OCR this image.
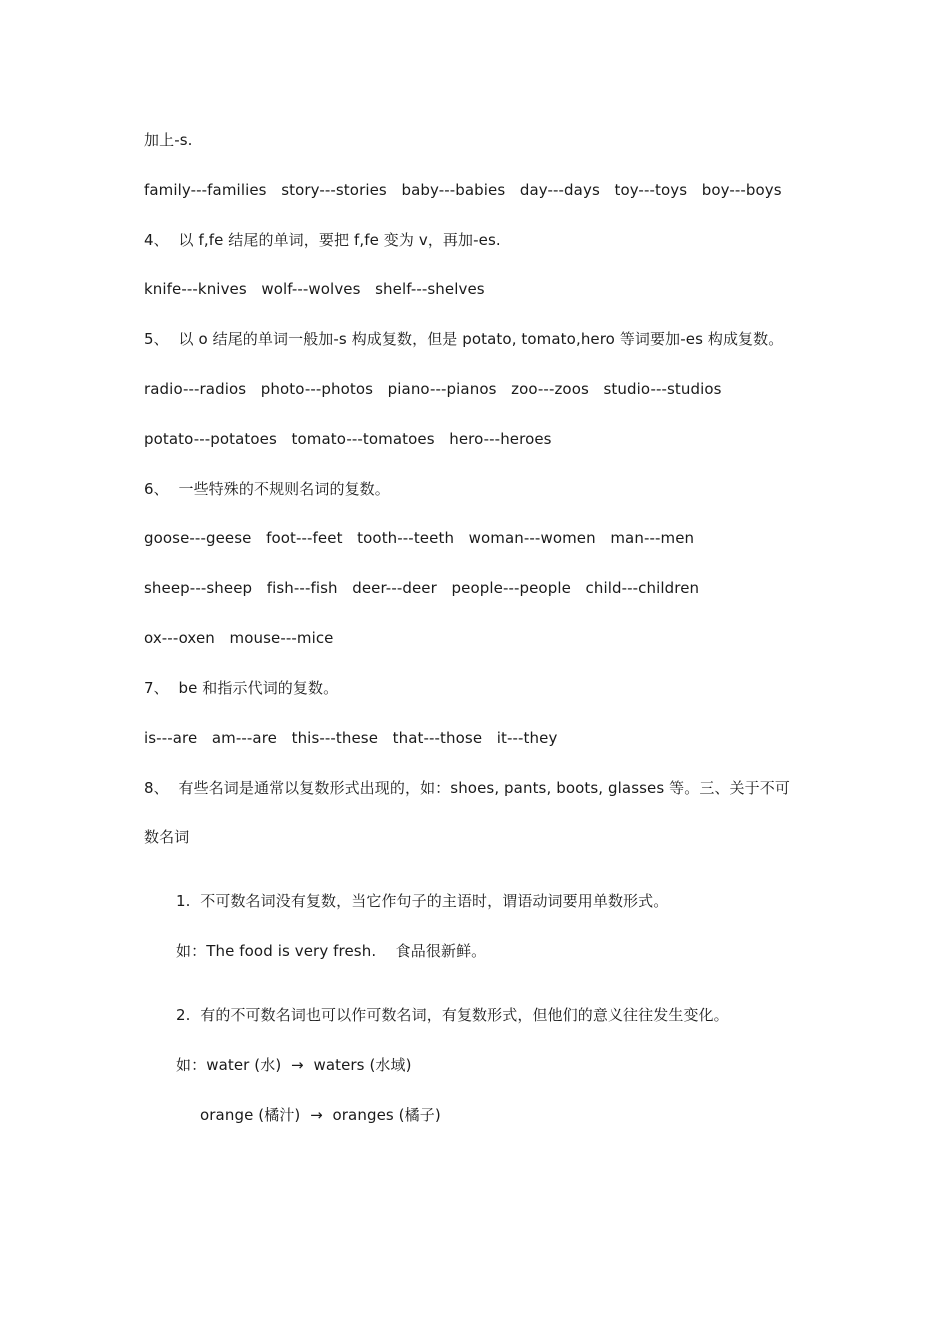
加上-s.
family---families   story---stories   baby---babies   day---days   toy---toys   boy---boys
4、  以 f,fe 结尾的单词，要把 f,fe 变为 v，再加-es.
knife---knives   wolf---wolves   shelf---shelves
5、  以 o 结尾的单词一般加-s 构成复数，但是 potato, tomato,hero 等词要加-es 构成复数。
radio---radios   photo---photos   piano---pianos   zoo---zoos   studio---studios
potato---potatoes   tomato---tomatoes   hero---heroes
6、  一些特殊的不规则名词的复数。
goose---geese   foot---feet   tooth---teeth   woman---women   man---men
sheep---sheep   fish---fish   deer---deer   people---people   child---children
ox---oxen   mouse---mice
7、  be 和指示代词的复数。
is---are   am---are   this---these   that---those   it---they
8、  有些名词是通常以复数形式出现的，如：shoes, pants, boots, glasses 等。三、关于不可
数名词
1.  不可数名词没有复数，当它作句子的主语时，谓语动词要用单数形式。
如：The food is very fresh.    食品很新鲜。
2.  有的不可数名词也可以作可数名词，有复数形式，但他们的意义往往发生变化。
如：water (水)  →  waters (水域)
orange (橘汁)  →  oranges (橘子)
